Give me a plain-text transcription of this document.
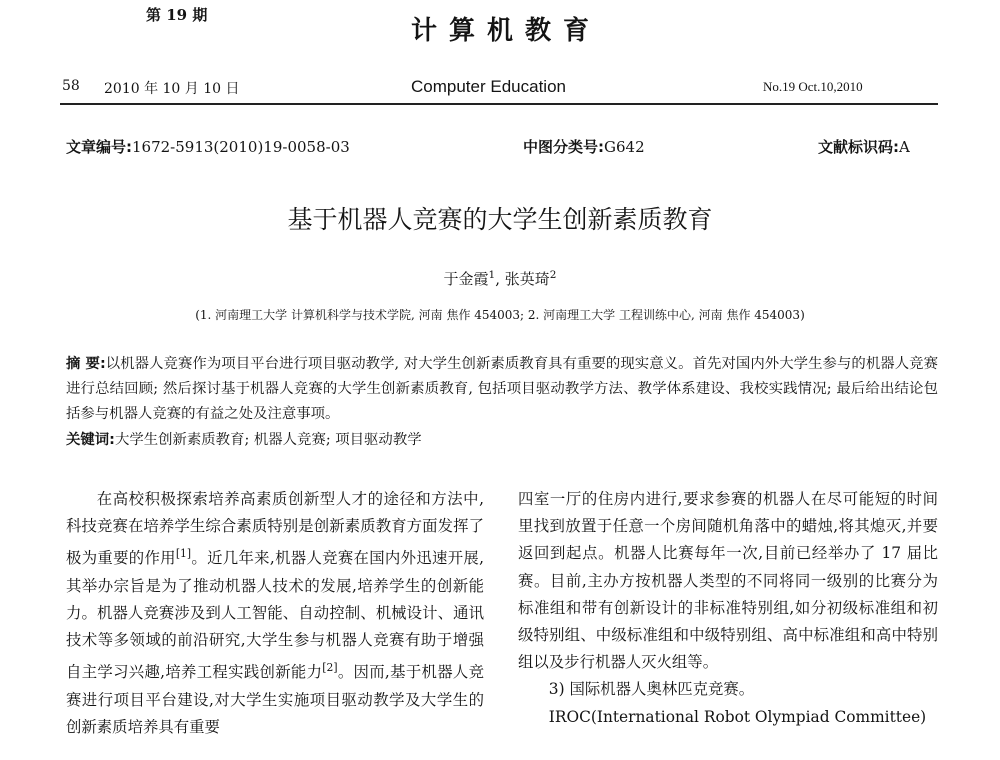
第 19 期
58 2010 年 10 月 10 日
计算机教育
Computer Education	No.19 Oct.10,2010
文章编号:1672-5913(2010)19-0058-03	中图分类号:G642	文献标识码:A
基于机器人竞赛的大学生创新素质教育
于金霞$^1$, 张英琦$^2$
(1. 河南理工大学 计算机科学与技术学院, 河南 焦作 454003; 2. 河南理工大学 工程训练中心, 河南 焦作 454003)
摘 要:以机器人竞赛作为项目平台进行项目驱动教学, 对大学生创新素质教育具有重要的现实意义。首先对国内外大学生参与的机器人竞赛进行总结回顾; 然后探讨基于机器人竞赛的大学生创新素质教育, 包括项目驱动教学方法、教学体系建设、我校实践情况; 最后给出结论包括参与机器人竞赛的有益之处及注意事项。
关键词:大学生创新素质教育; 机器人竞赛; 项目驱动教学

在高校积极探索培养高素质创新型人才的途径和方法中,科技竞赛在培养学生综合素质特别是创新素质教育方面发挥了极为重要的作用[1]。近几年来,机器人竞赛在国内外迅速开展,其举办宗旨是为了推动机器人技术的发展,培养学生的创新能力。机器人竞赛涉及到人工智能、自动控制、机械设计、通讯技术等多领域的前沿研究,大学生参与机器人竞赛有助于增强自主学习兴趣,培养工程实践创新能力[2]。因而,基于机器人竞赛进行项目平台建设,对大学生实施项目驱动教学及大学生的创新素质培养具有重要

四室一厅的住房内进行,要求参赛的机器人在尽可能短的时间里找到放置于任意一个房间随机角落中的蜡烛,将其熄灭,并要返回到起点。机器人比赛每年一次,目前已经举办了 17 届比赛。目前,主办方按机器人类型的不同将同一级别的比赛分为标准组和带有创新设计的非标准特别组,如分初级标准组和初级特别组、中级标准组和中级特别组、高中标准组和高中特别组以及步行机器人灭火组等。

3) 国际机器人奥林匹克竞赛。

IROC(International Robot Olympiad Committee)
